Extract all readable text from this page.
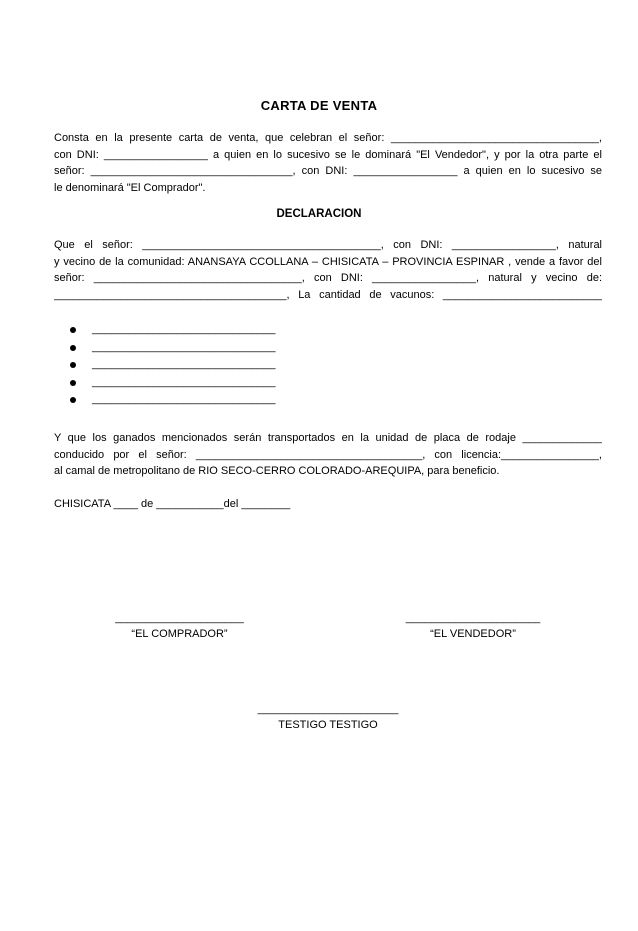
CARTA DE VENTA
Consta en la presente carta de venta, que celebran el señor: __________________________________,
con DNI: _________________ a quien en lo sucesivo se le dominará "El Vendedor", y por la otra parte el
señor: _________________________________, con DNI: _________________ a quien en lo sucesivo se
le denominará "El Comprador".
DECLARACION
Que el señor: _______________________________________, con DNI: _________________, natural
y vecino de la comunidad: ANANSAYA CCOLLANA – CHISICATA – PROVINCIA ESPINAR , vende a favor del
señor: __________________________________, con DNI: _________________, natural y vecino de:
______________________________________, La cantidad de vacunos: __________________________
______________________________
______________________________
______________________________
______________________________
______________________________
Y que los ganados mencionados serán transportados en la unidad de placa de rodaje _____________
conducido por el señor: _____________________________________, con licencia:________________,
al camal de metropolitano de RIO SECO-CERRO COLORADO-AREQUIPA, para beneficio.
CHISICATA ____ de ___________del ________
_____________________
“EL COMPRADOR”
______________________
“EL VENDEDOR”
_______________________
TESTIGO TESTIGO
